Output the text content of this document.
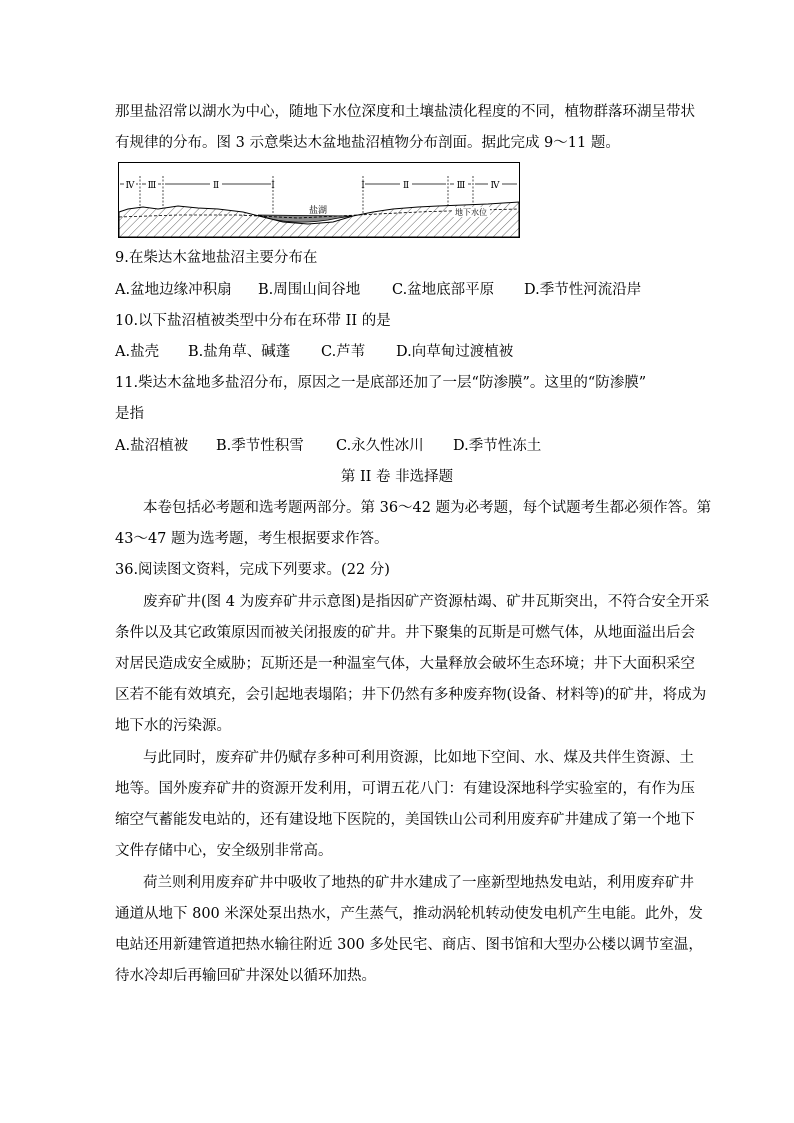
那里盐沼常以湖水为中心，随地下水位深度和土壤盐渍化程度的不同，植物群落环湖呈带状
有规律的分布。图 3 示意柴达木盆地盐沼植物分布剖面。据此完成 9～11 题。
Ⅳ Ⅲ	Ⅱ	Ⅰ	Ⅰ	Ⅱ	Ⅲ	Ⅳ
盐湖	地下水位
9.在柴达木盆地盐沼主要分布在
A.盆地边缘冲积扇 B.周围山间谷地 C.盆地底部平原 D.季节性河流沿岸
10.以下盐沼植被类型中分布在环带 II 的是
A.盐壳 B.盐角草、碱蓬 C.芦苇 D.向草甸过渡植被
11.柴达木盆地多盐沼分布，原因之一是底部还加了一层“防渗膜”。这里的“防渗膜”
是指
A.盐沼植被 B.季节性积雪 C.永久性冰川 D.季节性冻土
第 II 卷 非选择题
本卷包括必考题和选考题两部分。第 36～42 题为必考题，每个试题考生都必须作答。第
43～47 题为选考题，考生根据要求作答。
36.阅读图文资料，完成下列要求。(22 分)
废弃矿井(图 4 为废弃矿井示意图)是指因矿产资源枯竭、矿井瓦斯突出，不符合安全开采
条件以及其它政策原因而被关闭报废的矿井。井下聚集的瓦斯是可燃气体，从地面溢出后会
对居民造成安全威胁；瓦斯还是一种温室气体，大量释放会破坏生态环境；井下大面积采空
区若不能有效填充，会引起地表塌陷；井下仍然有多种废弃物(设备、材料等)的矿井，将成为
地下水的污染源。
与此同时，废弃矿井仍赋存多种可利用资源，比如地下空间、水、煤及共伴生资源、土
地等。国外废弃矿井的资源开发利用，可谓五花八门：有建设深地科学实验室的，有作为压
缩空气蓄能发电站的，还有建设地下医院的，美国铁山公司利用废弃矿井建成了第一个地下
文件存储中心，安全级别非常高。
荷兰则利用废弃矿井中吸收了地热的矿井水建成了一座新型地热发电站，利用废弃矿井
通道从地下 800 米深处泵出热水，产生蒸气，推动涡轮机转动使发电机产生电能。此外，发
电站还用新建管道把热水输往附近 300 多处民宅、商店、图书馆和大型办公楼以调节室温，
待水冷却后再输回矿井深处以循环加热。
